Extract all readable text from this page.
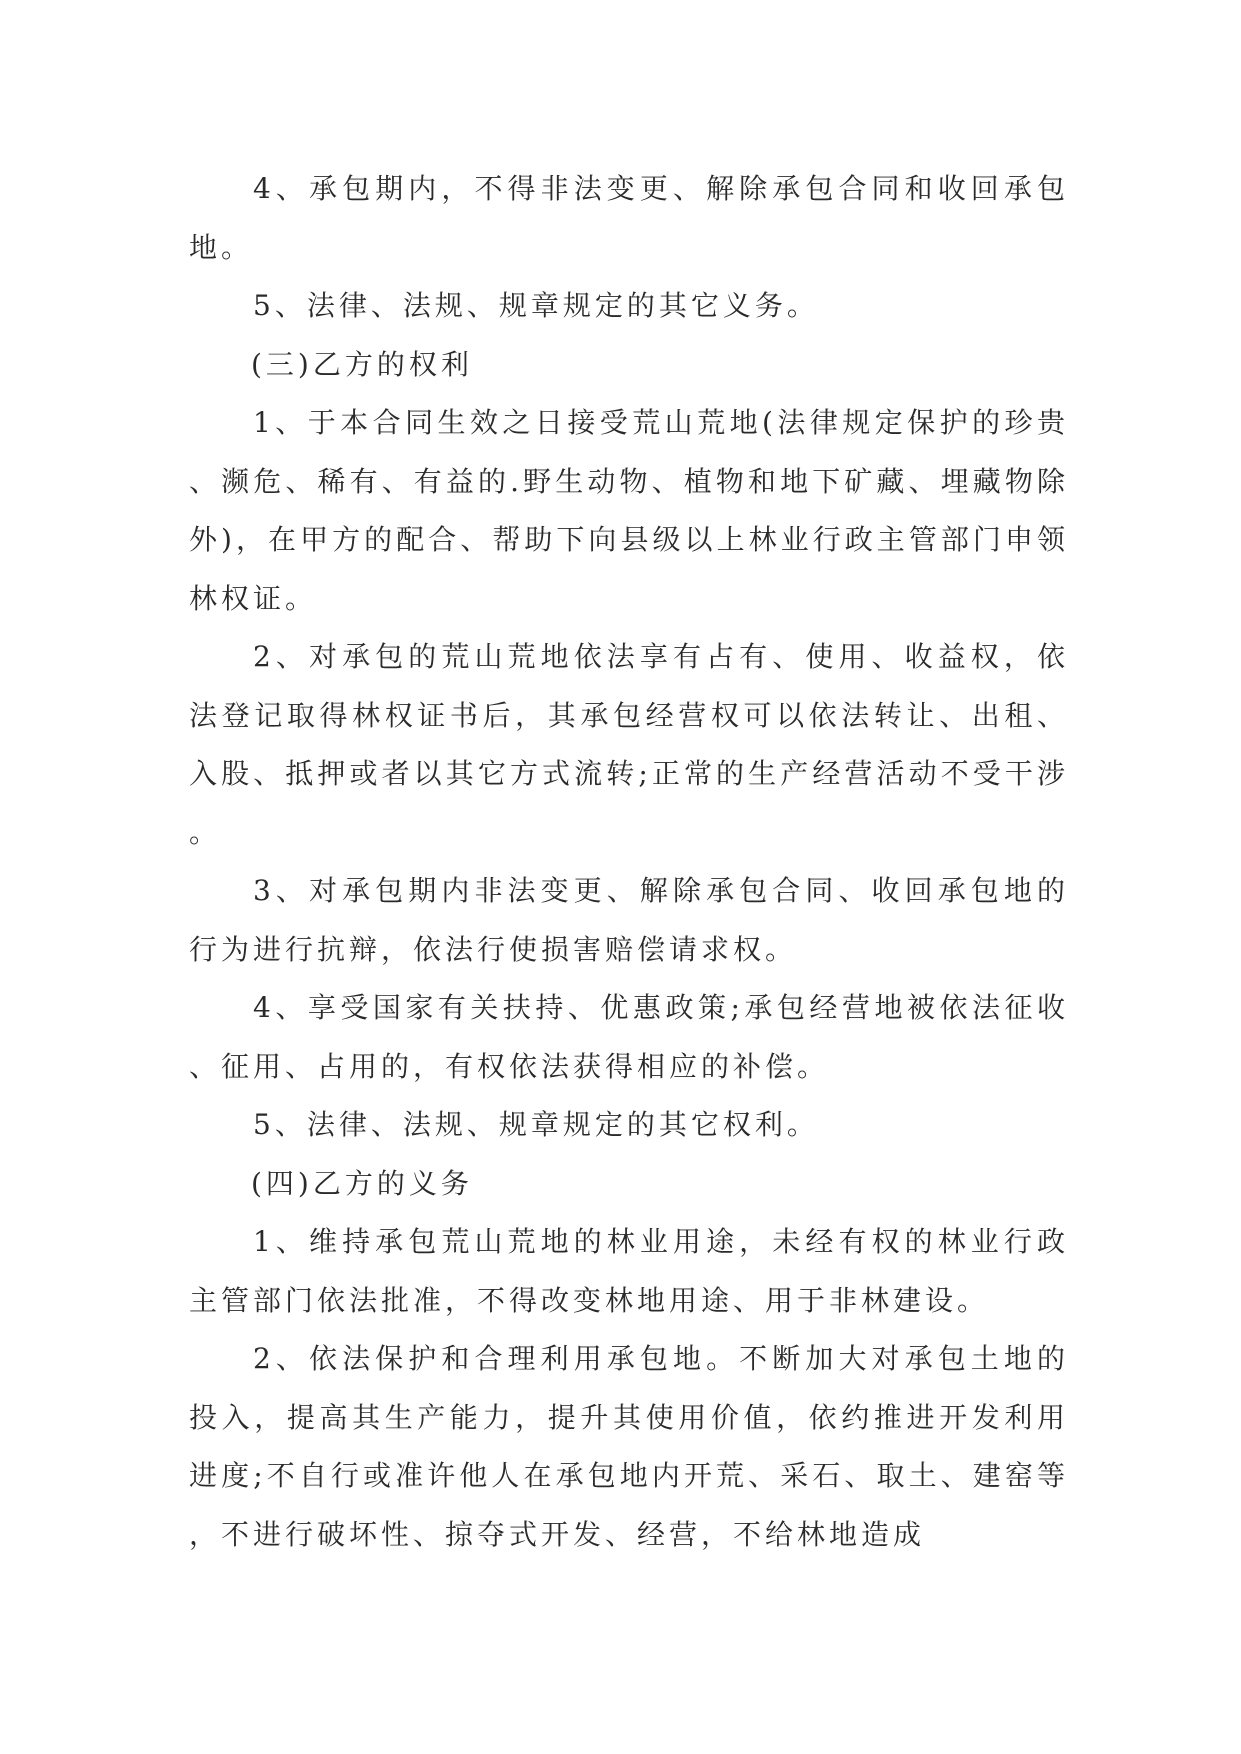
4、承包期内，不得非法变更、解除承包合同和收回承包地。

5、法律、法规、规章规定的其它义务。

(三)乙方的权利

1、于本合同生效之日接受荒山荒地(法律规定保护的珍贵、濒危、稀有、有益的.野生动物、植物和地下矿藏、埋藏物除外)，在甲方的配合、帮助下向县级以上林业行政主管部门申领林权证。

2、对承包的荒山荒地依法享有占有、使用、收益权，依法登记取得林权证书后，其承包经营权可以依法转让、出租、入股、抵押或者以其它方式流转;正常的生产经营活动不受干涉。

3、对承包期内非法变更、解除承包合同、收回承包地的行为进行抗辩，依法行使损害赔偿请求权。

4、享受国家有关扶持、优惠政策;承包经营地被依法征收、征用、占用的，有权依法获得相应的补偿。

5、法律、法规、规章规定的其它权利。

(四)乙方的义务

1、维持承包荒山荒地的林业用途，未经有权的林业行政主管部门依法批准，不得改变林地用途、用于非林建设。

2、依法保护和合理利用承包地。不断加大对承包土地的投入，提高其生产能力，提升其使用价值，依约推进开发利用进度;不自行或准许他人在承包地内开荒、采石、取土、建窑等，不进行破坏性、掠夺式开发、经营，不给林地造成
